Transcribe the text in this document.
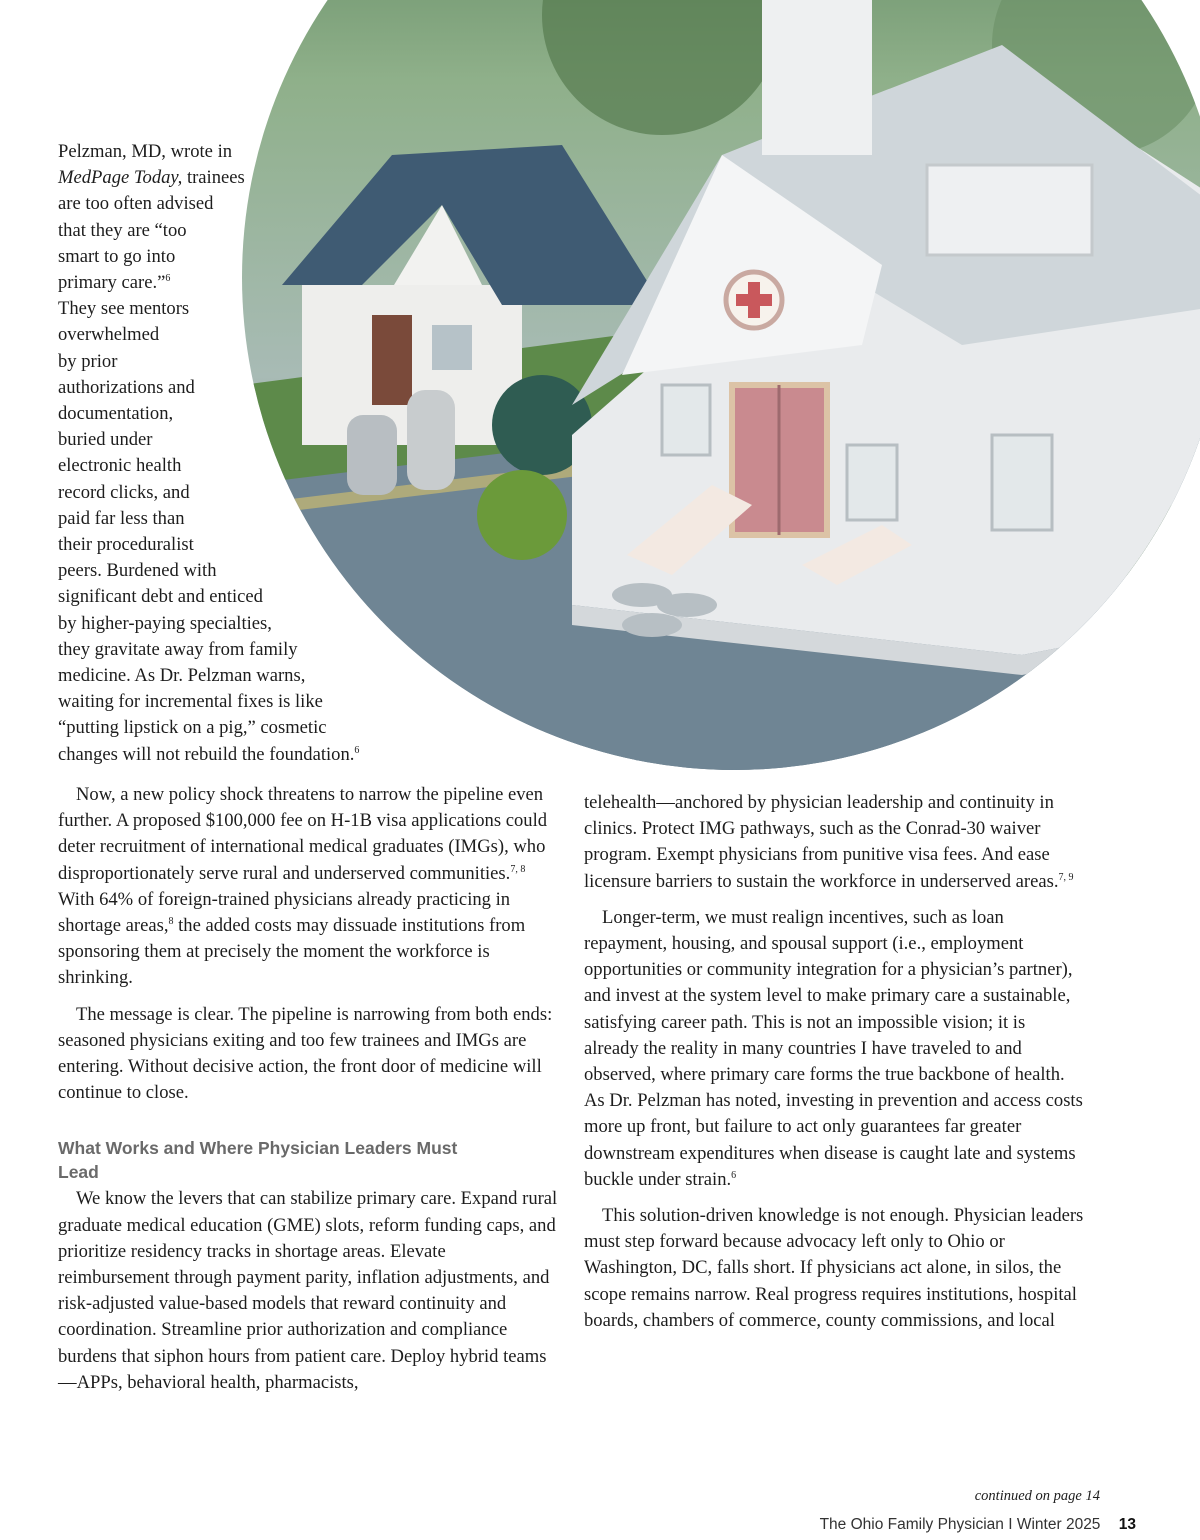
Pelzman, MD, wrote in
MedPage Today, trainees
are too often advised
that they are “too
smart to go into
primary care.”$^6$
They see mentors
overwhelmed
by prior
authorizations and
documentation,
buried under
electronic health
record clicks, and
paid far less than
their proceduralist
peers. Burdened with
significant debt and enticed
by higher-paying specialties,
they gravitate away from family
medicine. As Dr. Pelzman warns,
waiting for incremental fixes is like
“putting lipstick on a pig,” cosmetic
changes will not rebuild the foundation.$^6$

Now, a new policy shock threatens to narrow the pipeline even further. A proposed $100,000 fee on H-1B visa applications could deter recruitment of international medical graduates (IMGs), who disproportionately serve rural and underserved communities.$^{7, 8}$ With 64% of foreign-trained physicians already practicing in shortage areas,$^8$ the added costs may dissuade institutions from sponsoring them at precisely the moment the workforce is shrinking.

The message is clear. The pipeline is narrowing from both ends: seasoned physicians exiting and too few trainees and IMGs are entering. Without decisive action, the front door of medicine will continue to close.

What Works and Where Physician Leaders Must Lead

We know the levers that can stabilize primary care. Expand rural graduate medical education (GME) slots, reform funding caps, and prioritize residency tracks in shortage areas. Elevate reimbursement through payment parity, inflation adjustments, and risk-adjusted value-based models that reward continuity and coordination. Streamline prior authorization and compliance burdens that siphon hours from patient care. Deploy hybrid teams—APPs, behavioral health, pharmacists,

telehealth—anchored by physician leadership and continuity in clinics. Protect IMG pathways, such as the Conrad-30 waiver program. Exempt physicians from punitive visa fees. And ease licensure barriers to sustain the workforce in underserved areas.$^{7, 9}$

Longer-term, we must realign incentives, such as loan repayment, housing, and spousal support (i.e., employment opportunities or community integration for a physician’s partner), and invest at the system level to make primary care a sustainable, satisfying career path. This is not an impossible vision; it is already the reality in many countries I have traveled to and observed, where primary care forms the true backbone of health. As Dr. Pelzman has noted, investing in prevention and access costs more up front, but failure to act only guarantees far greater downstream expenditures when disease is caught late and systems buckle under strain.$^6$

This solution-driven knowledge is not enough. Physician leaders must step forward because advocacy left only to Ohio or Washington, DC, falls short. If physicians act alone, in silos, the scope remains narrow. Real progress requires institutions, hospital boards, chambers of commerce, county commissions, and local

continued on page 14
The Ohio Family Physician I Winter 2025 13
